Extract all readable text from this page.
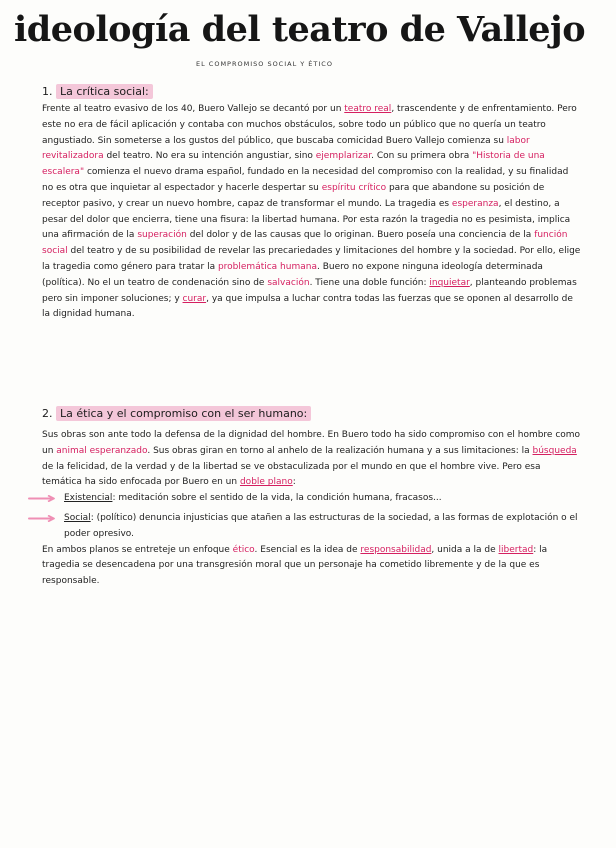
ideología del teatro de Vallejo
EL COMPROMISO SOCIAL Y ÉTICO
1. La crítica social:

Frente al teatro evasivo de los 40, Buero Vallejo se decantó por un teatro real, trascendente y de enfrentamiento. Pero este no era de fácil aplicación y contaba con muchos obstáculos, sobre todo un público que no quería un teatro angustiado. Sin someterse a los gustos del público, que buscaba comicidad Buero Vallejo comienza su labor revitalizadora del teatro. No era su intención angustiar, sino ejemplarizar. Con su primera obra "Historia de una escalera" comienza el nuevo drama español, fundado en la necesidad del compromiso con la realidad, y su finalidad no es otra que inquietar al espectador y hacerle despertar su espíritu crítico para que abandone su posición de receptor pasivo, y crear un nuevo hombre, capaz de transformar el mundo. La tragedia es esperanza, el destino, a pesar del dolor que encierra, tiene una fisura: la libertad humana. Por esta razón la tragedia no es pesimista, implica una afirmación de la superación del dolor y de las causas que lo originan. Buero poseía una conciencia de la función social del teatro y de su posibilidad de revelar las precariedades y limitaciones del hombre y la sociedad. Por ello, elige la tragedia como género para tratar la problemática humana. Buero no expone ninguna ideología determinada (política). No el un teatro de condenación sino de salvación. Tiene una doble función: inquietar, planteando problemas pero sin imponer soluciones; y curar, ya que impulsa a luchar contra todas las fuerzas que se oponen al desarrollo de la dignidad humana.

2. La ética y el compromiso con el ser humano:

Sus obras son ante todo la defensa de la dignidad del hombre. En Buero todo ha sido compromiso con el hombre como un animal esperanzado. Sus obras giran en torno al anhelo de la realización humana y a sus limitaciones: la búsqueda de la felicidad, de la verdad y de la libertad se ve obstaculizada por el mundo en que el hombre vive. Pero esa temática ha sido enfocada por Buero en un doble plano:

Existencial: meditación sobre el sentido de la vida, la condición humana, fracasos...

Social: (político) denuncia injusticias que atañen a las estructuras de la sociedad, a las formas de explotación o el poder opresivo.

En ambos planos se entreteje un enfoque ético. Esencial es la idea de responsabilidad, unida a la de libertad: la tragedia se desencadena por una transgresión moral que un personaje ha cometido libremente y de la que es responsable.
